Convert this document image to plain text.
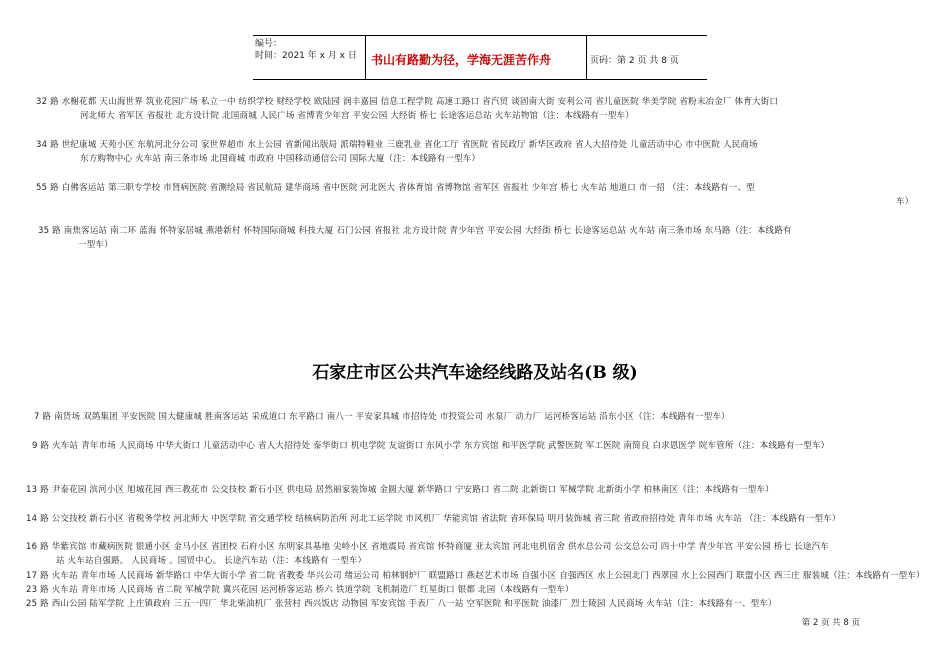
编号：
时间：2021 年 x 月 x 日	书山有路勤为径，学海无涯苦作舟	页码：第 2 页 共 8 页

32 路 水榭花都 天山海世界 筑业花园广场 私立一中 纺织学校 财经学校 欧陆园 润丰嘉园 信息工程学院 高速工路口 省汽贸 谈固南大街 安利公司 省儿童医院 华美学院 省粉末冶金厂 体育大街口

河北师大 省军区 省报社 北方设计院 北国商城 人民广场 省博青少年宫 平安公园 大经街 桥七 长途客运总站 火车站物馆（注：本线路有一型车）

34 路 世纪康城 天苑小区 东航河北分公司 家世界超市 水上公园 省新闻出版局 派瑞特鞋业 三鹿乳业 省化工厅 省医院 省民政厅 新华区政府 省人大招待处 儿童活动中心 市中医院 人民商场

东方购物中心 火车站 南三条市场 北国商城 市政府 中国移动通信公司 国际大厦（注：本线路有一型车）

55 路 白佛客运站 第三职专学校 市肾病医院 省测绘局 省民航局 建华商场 省中医院 河北医大 省体育馆 省博物馆 省军区 省报社 少年宫 桥七 火车站 地道口 市一招 （注：本线路有一、型

车）

35 路 南焦客运站 南二环 蓝海 怀特家居城 燕港新村 怀特国际商城 科技大厦 石门公园 省报社 北方设计院 青少年宫 平安公园 大经街 桥七 长途客运总站 火车站 南三条市场 东马路（注：本线路有

一型车）

石家庄市区公共汽车途经线路及站名(B 级)

7 路 南货场 双鸽集团 平安医院 国大健康城 胜南客运站 采成道口 东平路口 南八一 平安家具城 市招待处 市投资公司 水泵厂 动力厂 运河桥客运站 沿东小区（注：本线路有一型车）

9 路 火车站 青年市场 人民商场 中华大街口 儿童活动中心 省人大招待处 泰华街口 机电学院 友谊街口 东风小学 东方宾馆 和平医学院 武警医院 军工医院 南简良 白求恩医学 院车管所（注：本线路有一型车）

13 路 尹泰花园 滨河小区 旭城花园 西三教花市 公交技校 新石小区 供电局 居然丽家装饰城 金圆大厦 新华路口 宁安路口 省二院 北新街口 军械学院 北新街小学 柏林南区（注：本线路有一型车）

14 路 公交技校 新石小区 省税务学校 河北师大 中医学院 省交通学校 结核病防治所 河北工运学院 市风机厂 华能宾馆 省法院 省环保局 明月装饰城 省三院 省政府招待处 青年市场 火车站 （注：本线路有一型车）

16 路 华紫宾馆 市藏病医院 银通小区 金马小区 省团校 石府小区 东明家具基地 尖岭小区 省地震局 省宾馆 怀特商厦 亚太宾馆 河北电机宿舍 供水总公司 公交总公司 四十中学 青少年宫 平安公园 桥七 长途汽车

站 火车站自强路。 人民商场 。国贸中心。 长途汽车站（注：本线路有 一型车）

17 路 火车站 青年市场 人民商场 新华路口 中华大街小学 省二院 省教委 华兴公司 绪运公司 柏林钢炉厂 联盟路口 燕赵艺术市场 自强小区 自强西区 水上公园北门 西翠园 水上公园西门 联盟小区 西三庄 服装城（注：本线路有一型车）

23 路 火车站 青年市场 人民商场 省二院 军械学院 冀兴花园 运河桥客运站 桥六 铁道学院 飞机制造厂 红星街口 银都 北园（本线路有一型车）

25 路 西山公园 陆军学院 上庄镇政府 三五一四厂 华北柴油机厂 张营村 西兴饭店 动物园 军安宾馆 手表厂 八一站 空军医院 和平医院 油漆厂 烈士陵园 人民商场 火车站（注：本线路有一、型车）

第 2 页 共 8 页
